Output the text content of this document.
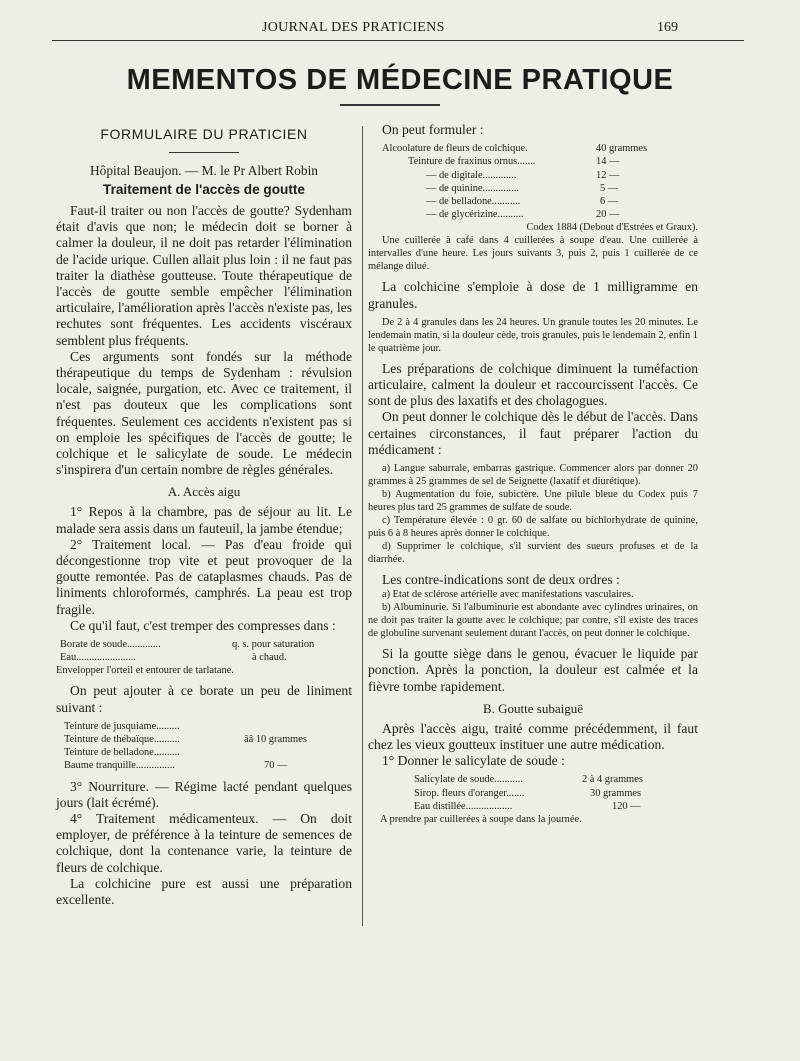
JOURNAL DES PRATICIENS	169
MEMENTOS DE MÉDECINE PRATIQUE
FORMULAIRE DU PRATICIEN

Hôpital Beaujon. — M. le Pr Albert Robin

Traitement de l'accès de goutte

Faut-il traiter ou non l'accès de goutte? Sydenham était d'avis que non; le médecin doit se borner à calmer la douleur, il ne doit pas retarder l'élimination de l'acide urique. Cullen allait plus loin : il ne faut pas traiter la diathèse goutteuse. Toute thérapeutique de l'accès de goutte semble empêcher l'élimination articulaire, l'amélioration après l'accès n'existe pas, les rechutes sont fréquentes. Les accidents viscéraux semblent plus fréquents.

Ces arguments sont fondés sur la méthode thérapeutique du temps de Sydenham : révulsion locale, saignée, purgation, etc. Avec ce traitement, il n'est pas douteux que les complications sont fréquentes. Seulement ces accidents n'existent pas si on emploie les spécifiques de l'accès de goutte; le colchique et le salicylate de soude. Le médecin s'inspirera d'un certain nombre de règles générales.

A. Accès aigu

1° Repos à la chambre, pas de séjour au lit. Le malade sera assis dans un fauteuil, la jambe étendue;

2° Traitement local. — Pas d'eau froide qui décongestionne trop vite et peut provoquer de la goutte remontée. Pas de cataplasmes chauds. Pas de liniments chloroformés, camphrés. La peau est trop fragile.

Ce qu'il faut, c'est tremper des compresses dans :

Borate de soude.............	q. s. pour saturation
Eau.......................	à chaud.

Envelopper l'orteil et entourer de tarlatane.

On peut ajouter à ce borate un peu de liniment suivant :

Teinture de jusquiame.........
Teinture de thébaïque..........	ââ 10 grammes
Teinture de belladone..........
Baume tranquille...............	70 —

3° Nourriture. — Régime lacté pendant quelques jours (lait écrémé).

4° Traitement médicamenteux. — On doit employer, de préférence à la teinture de semences de colchique, dont la contenance varie, la teinture de fleurs de colchique.

La colchicine pure est aussi une préparation excellente.

On peut formuler :

Alcoolature de fleurs de colchique.	40 grammes
Teinture de fraxinus ornus.......	14 —
— de digitale.............	12 —
— de quinine..............	5 —
— de belladone...........	6 —
— de glycérizine..........	20 —

Codex 1884 (Debout d'Estrées et Graux).

Une cuillerée à café dans 4 cuillerées à soupe d'eau. Une cuillerée à intervalles d'une heure. Les jours suivants 3, puis 2, puis 1 cuillerée de ce mélange dilué.

La colchicine s'emploie à dose de 1 milligramme en granules.

De 2 à 4 granules dans les 24 heures. Un granule toutes les 20 minutes. Le lendemain matin, si la douleur cède, trois granules, puis le lendemain 2, enfin 1 le quatrième jour.

Les préparations de colchique diminuent la tuméfaction articulaire, calment la douleur et raccourcissent l'accès. Ce sont de plus des laxatifs et des cholagogues.

On peut donner le colchique dès le début de l'accès. Dans certaines circonstances, il faut préparer l'action du médicament :

a) Langue saburrale, embarras gastrique. Commencer alors par donner 20 grammes à 25 grammes de sel de Seignette (laxatif et diurétique).

b) Augmentation du foie, subictère. Une pilule bleue du Codex puis 7 heures plus tard 25 grammes de sulfate de soude.

c) Température élevée : 0 gr. 60 de salfate ou bichlorhydrate de quinine, puis 6 à 8 heures après donner le colchique.

d) Supprimer le colchique, s'il survient des sueurs profuses et de la diarrhée.

Les contre-indications sont de deux ordres :

a) Etat de sclérose artérielle avec manifestations vasculaires.

b) Albuminurie. Si l'albuminurie est abondante avec cylindres urinaires, on ne doit pas traiter la goutte avec le colchique; par contre, s'il existe des traces de globuline survenant seulement durant l'accès, on peut donner le colchique.

Si la goutte siège dans le genou, évacuer le liquide par ponction. Après la ponction, la douleur est calmée et la fièvre tombe rapidement.

B. Goutte subaiguë

Après l'accès aigu, traité comme précédemment, il faut chez les vieux goutteux instituer une autre médication.

1° Donner le salicylate de soude :

Salicylate de soude...........	2 à 4 grammes
Sirop. fleurs d'oranger.......	30 grammes
Eau distillée..................	120 —

A prendre par cuillerées à soupe dans la journée.
